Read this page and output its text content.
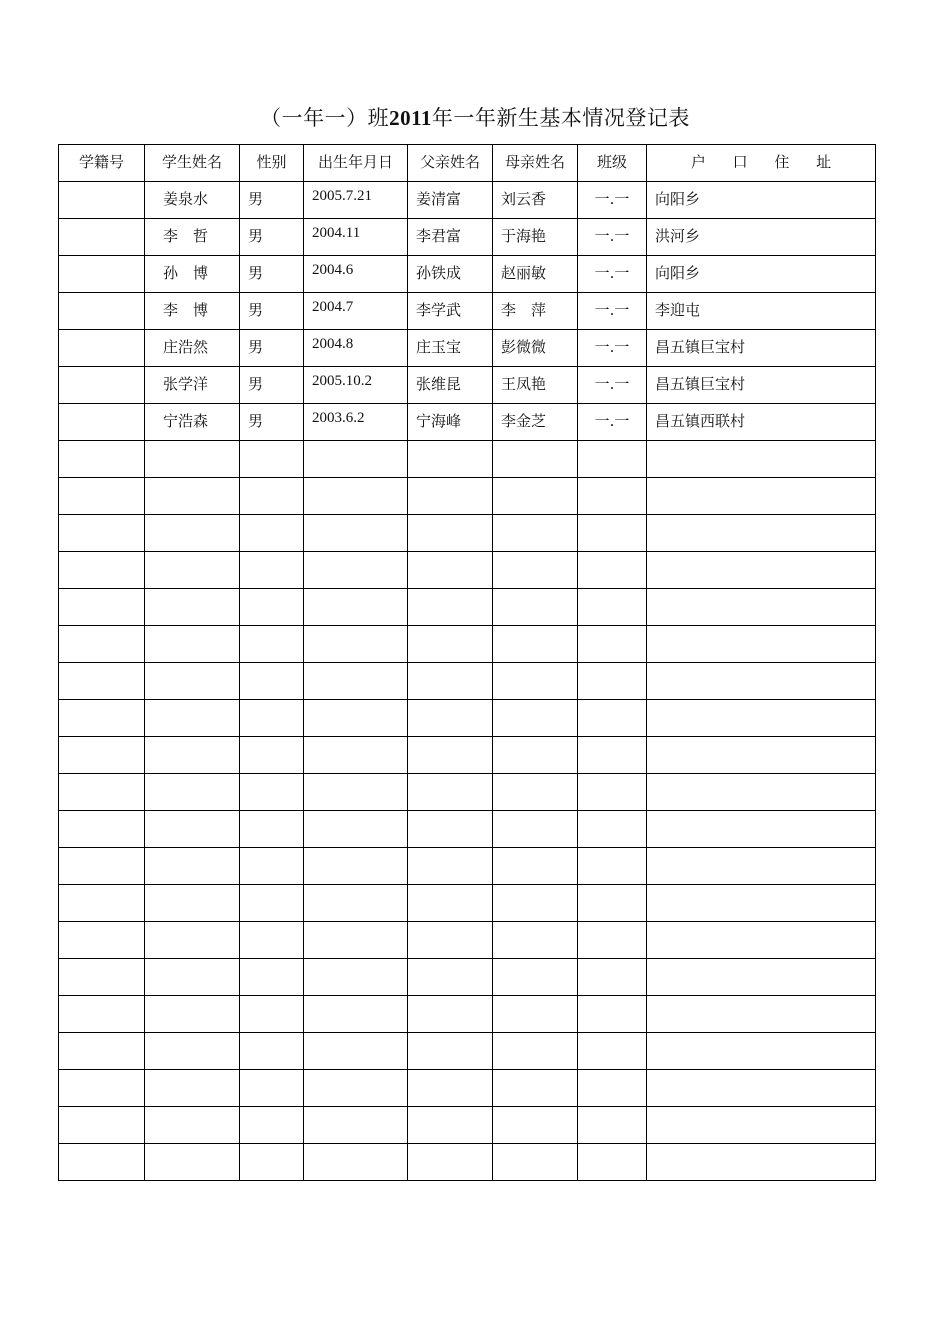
（一年一）班2011年一年新生基本情况登记表
学籍号	学生姓名	性别	出生年月日	父亲姓名	母亲姓名	班级	户 口 住 址
	姜泉水	男	2005.7.21	姜清富	刘云香	一.一	向阳乡
	李　哲	男	2004.11	李君富	于海艳	一.一	洪河乡
	孙　博	男	2004.6	孙铁成	赵丽敏	一.一	向阳乡
	李　博	男	2004.7	李学武	李　萍	一.一	李迎屯
	庄浩然	男	2004.8	庄玉宝	彭微微	一.一	昌五镇巨宝村
	张学洋	男	2005.10.2	张维昆	王凤艳	一.一	昌五镇巨宝村
	宁浩森	男	2003.6.2	宁海峰	李金芝	一.一	昌五镇西联村
